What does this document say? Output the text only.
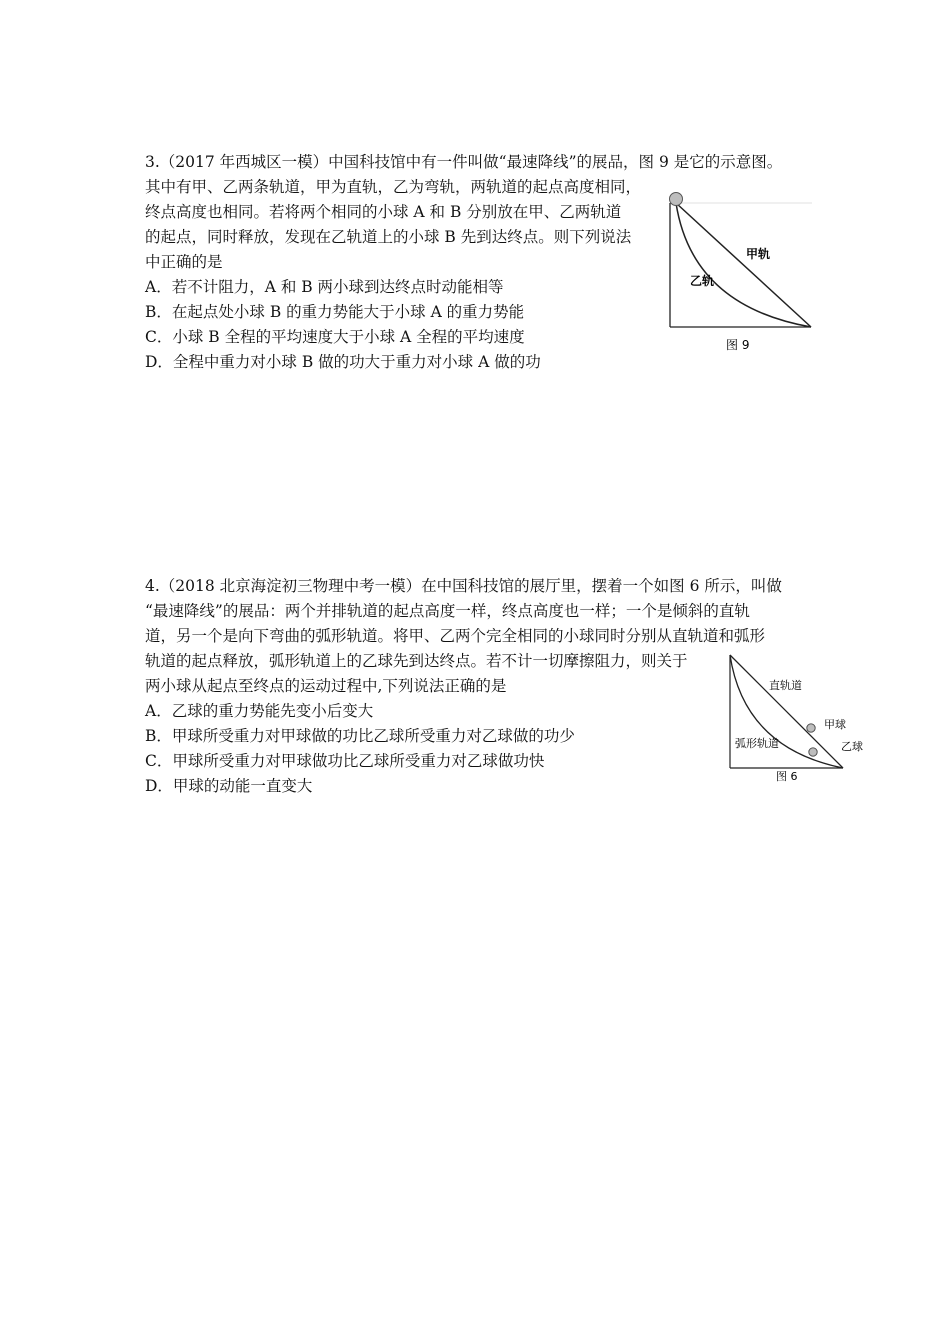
3.（2017 年西城区一模）中国科技馆中有一件叫做“最速降线”的展品，图 9 是它的示意图。
其中有甲、乙两条轨道，甲为直轨，乙为弯轨，两轨道的起点高度相同，
终点高度也相同。若将两个相同的小球 A 和 B 分别放在甲、乙两轨道
的起点，同时释放，发现在乙轨道上的小球 B 先到达终点。则下列说法
中正确的是
A．若不计阻力，A 和 B 两小球到达终点时动能相等
B．在起点处小球 B 的重力势能大于小球 A 的重力势能
C．小球 B 全程的平均速度大于小球 A 全程的平均速度
D．全程中重力对小球 B 做的功大于重力对小球 A 做的功
甲轨
乙轨
图 9
4.（2018 北京海淀初三物理中考一模）在中国科技馆的展厅里，摆着一个如图 6 所示，叫做
“最速降线”的展品：两个并排轨道的起点高度一样，终点高度也一样；一个是倾斜的直轨
道，另一个是向下弯曲的弧形轨道。将甲、乙两个完全相同的小球同时分别从直轨道和弧形
轨道的起点释放，弧形轨道上的乙球先到达终点。若不计一切摩擦阻力，则关于
两小球从起点至终点的运动过程中,下列说法正确的是
A．乙球的重力势能先变小后变大
B．甲球所受重力对甲球做的功比乙球所受重力对乙球做的功少
C．甲球所受重力对甲球做功比乙球所受重力对乙球做功快
D．甲球的动能一直变大
直轨道
甲球
弧形轨道	乙球
图 6
